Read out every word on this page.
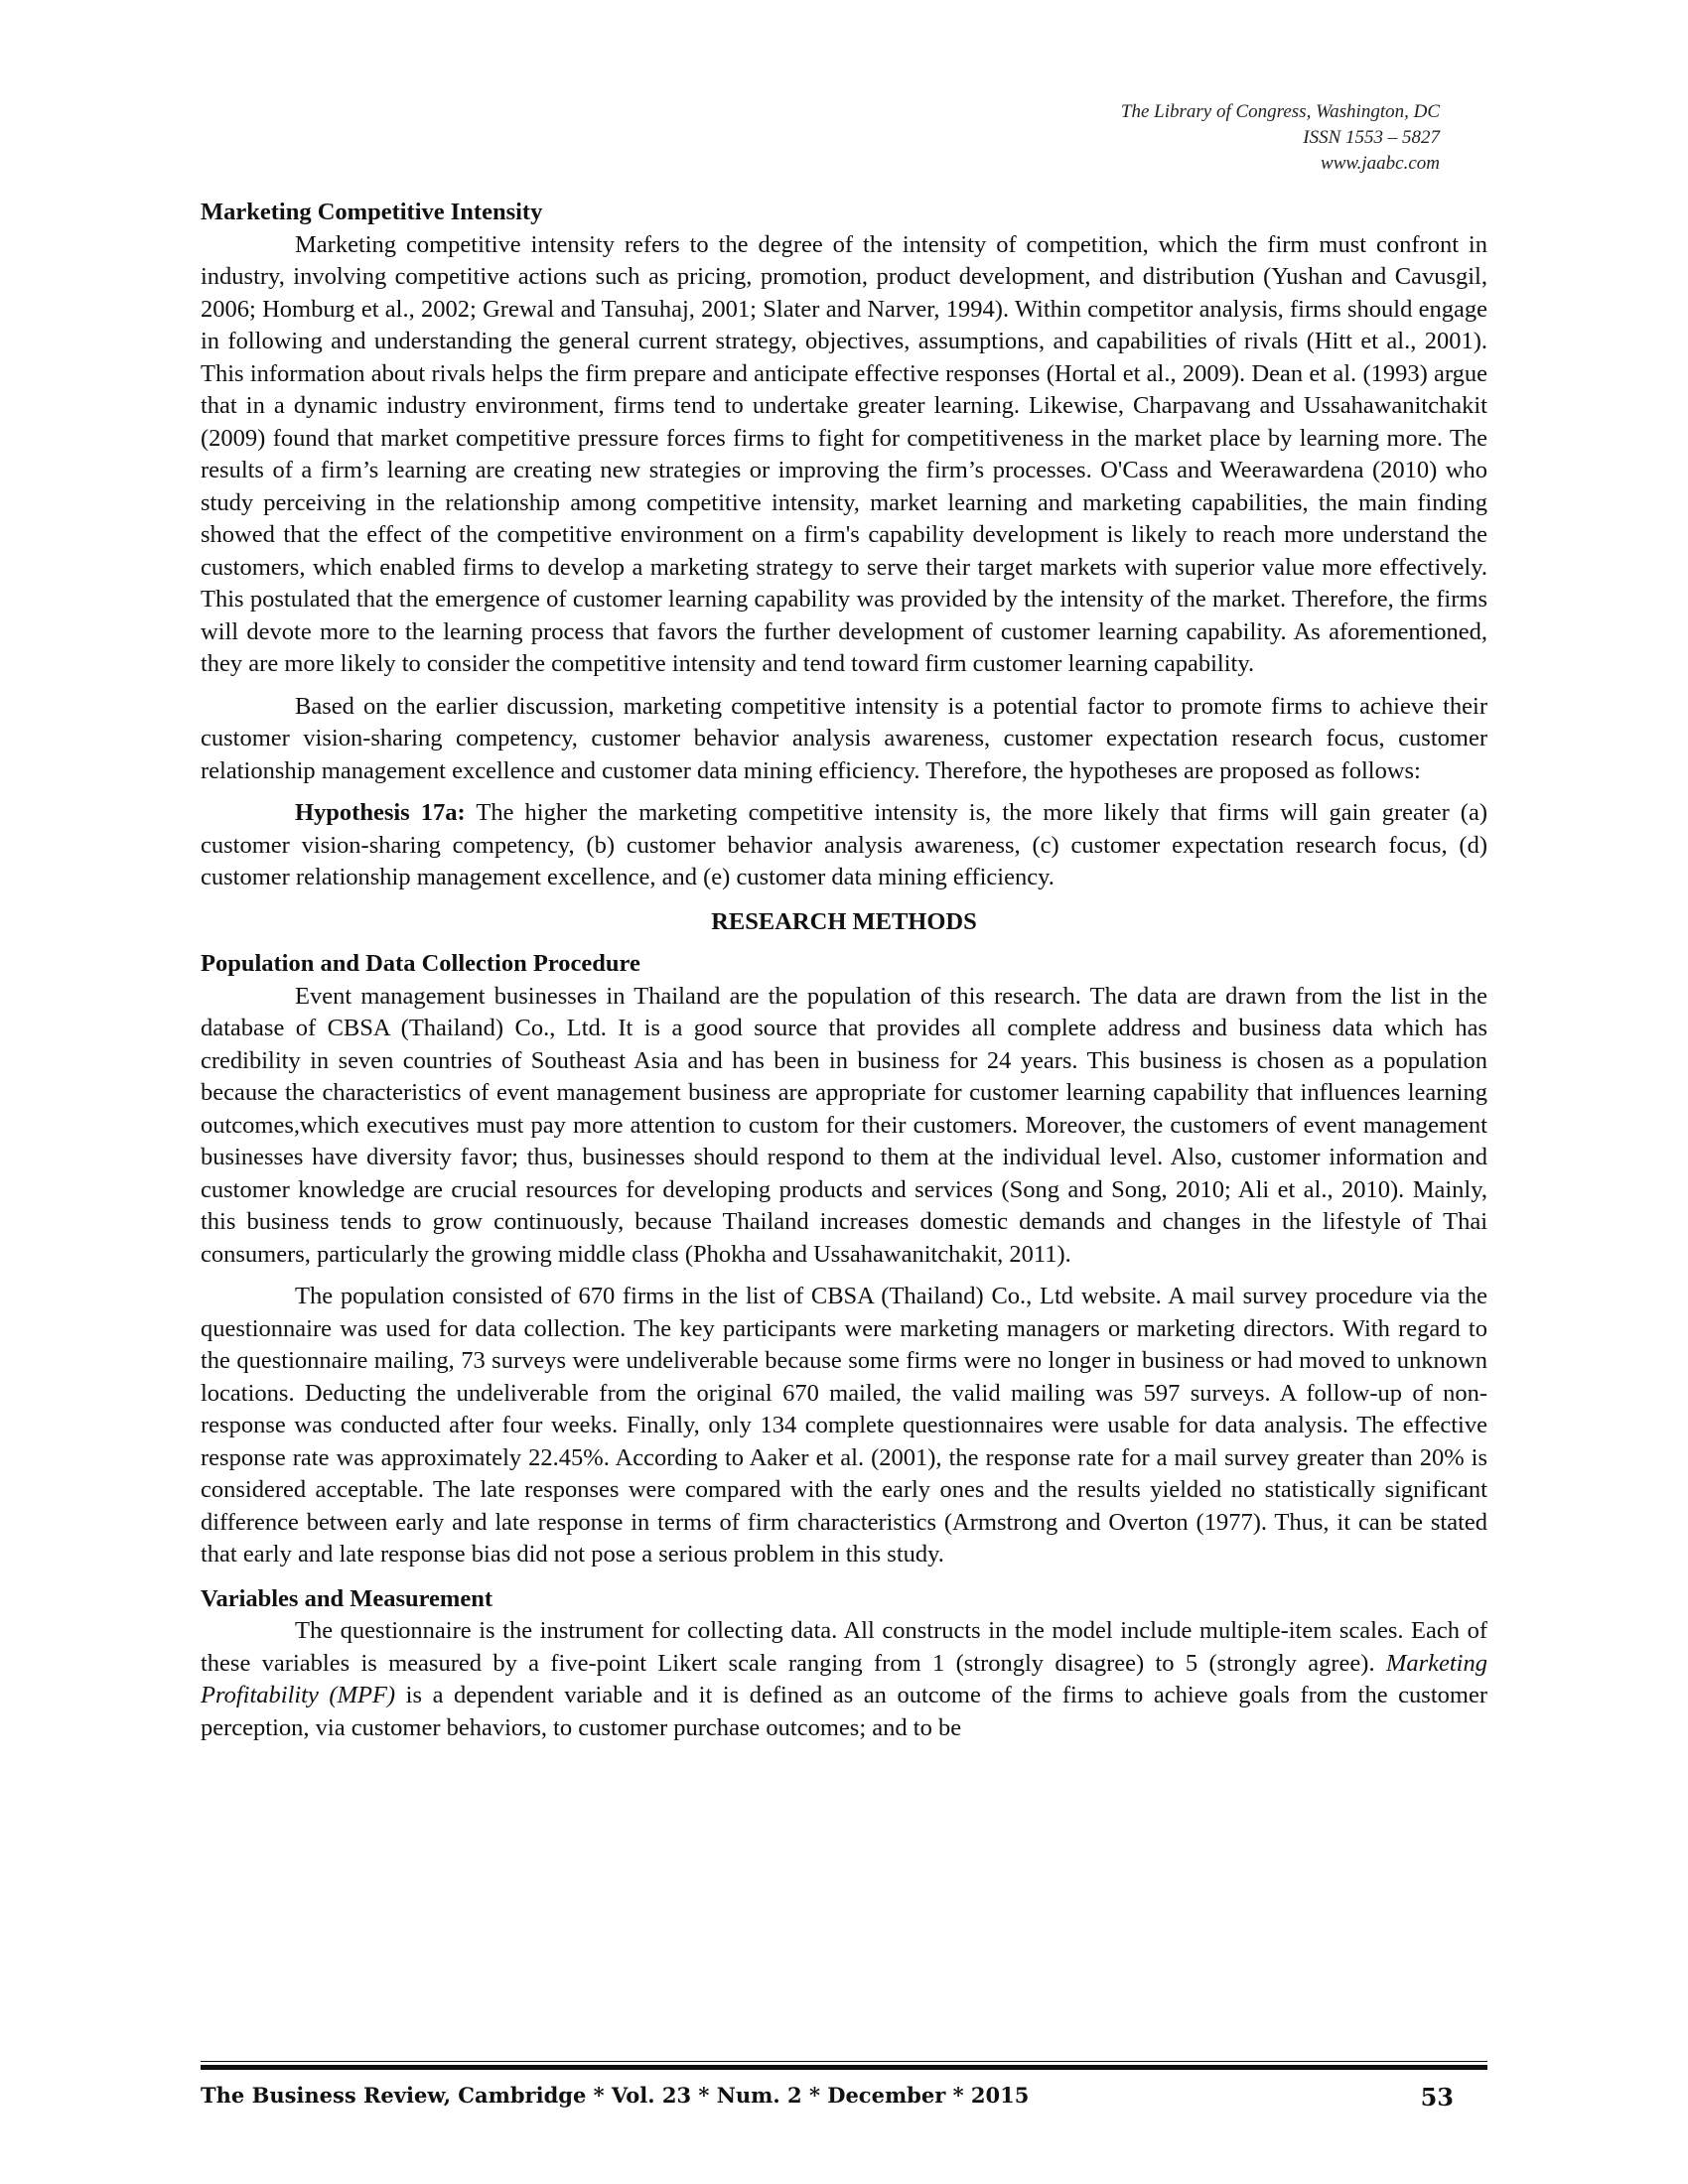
The Library of Congress, Washington, DC
ISSN 1553 – 5827
www.jaabc.com
Marketing Competitive Intensity

Marketing competitive intensity refers to the degree of the intensity of competition, which the firm must confront in industry, involving competitive actions such as pricing, promotion, product development, and distribution (Yushan and Cavusgil, 2006; Homburg et al., 2002; Grewal and Tansuhaj, 2001; Slater and Narver, 1994). Within competitor analysis, firms should engage in following and understanding the general current strategy, objectives, assumptions, and capabilities of rivals (Hitt et al., 2001). This information about rivals helps the firm prepare and anticipate effective responses (Hortal et al., 2009). Dean et al. (1993) argue that in a dynamic industry environment, firms tend to undertake greater learning. Likewise, Charpavang and Ussahawanitchakit (2009) found that market competitive pressure forces firms to fight for competitiveness in the market place by learning more. The results of a firm’s learning are creating new strategies or improving the firm’s processes. O'Cass and Weerawardena (2010) who study perceiving in the relationship among competitive intensity, market learning and marketing capabilities, the main finding showed that the effect of the competitive environment on a firm's capability development is likely to reach more understand the customers, which enabled firms to develop a marketing strategy to serve their target markets with superior value more effectively. This postulated that the emergence of customer learning capability was provided by the intensity of the market. Therefore, the firms will devote more to the learning process that favors the further development of customer learning capability. As aforementioned, they are more likely to consider the competitive intensity and tend toward firm customer learning capability.

Based on the earlier discussion, marketing competitive intensity is a potential factor to promote firms to achieve their customer vision-sharing competency, customer behavior analysis awareness, customer expectation research focus, customer relationship management excellence and customer data mining efficiency. Therefore, the hypotheses are proposed as follows:

Hypothesis 17a: The higher the marketing competitive intensity is, the more likely that firms will gain greater (a) customer vision-sharing competency, (b) customer behavior analysis awareness, (c) customer expectation research focus, (d) customer relationship management excellence, and (e) customer data mining efficiency.

RESEARCH METHODS
Population and Data Collection Procedure

Event management businesses in Thailand are the population of this research. The data are drawn from the list in the database of CBSA (Thailand) Co., Ltd. It is a good source that provides all complete address and business data which has credibility in seven countries of Southeast Asia and has been in business for 24 years. This business is chosen as a population because the characteristics of event management business are appropriate for customer learning capability that influences learning outcomes,which executives must pay more attention to custom for their customers. Moreover, the customers of event management businesses have diversity favor; thus, businesses should respond to them at the individual level. Also, customer information and customer knowledge are crucial resources for developing products and services (Song and Song, 2010; Ali et al., 2010). Mainly, this business tends to grow continuously, because Thailand increases domestic demands and changes in the lifestyle of Thai consumers, particularly the growing middle class (Phokha and Ussahawanitchakit, 2011).

The population consisted of 670 firms in the list of CBSA (Thailand) Co., Ltd website. A mail survey procedure via the questionnaire was used for data collection. The key participants were marketing managers or marketing directors. With regard to the questionnaire mailing, 73 surveys were undeliverable because some firms were no longer in business or had moved to unknown locations. Deducting the undeliverable from the original 670 mailed, the valid mailing was 597 surveys. A follow-up of non-response was conducted after four weeks. Finally, only 134 complete questionnaires were usable for data analysis. The effective response rate was approximately 22.45%. According to Aaker et al. (2001), the response rate for a mail survey greater than 20% is considered acceptable. The late responses were compared with the early ones and the results yielded no statistically significant difference between early and late response in terms of firm characteristics (Armstrong and Overton (1977). Thus, it can be stated that early and late response bias did not pose a serious problem in this study.

Variables and Measurement

The questionnaire is the instrument for collecting data. All constructs in the model include multiple-item scales. Each of these variables is measured by a five-point Likert scale ranging from 1 (strongly disagree) to 5 (strongly agree). Marketing Profitability (MPF) is a dependent variable and it is defined as an outcome of the firms to achieve goals from the customer perception, via customer behaviors, to customer purchase outcomes; and to be

The Business Review, Cambridge * Vol. 23 * Num. 2 * December * 2015	53
